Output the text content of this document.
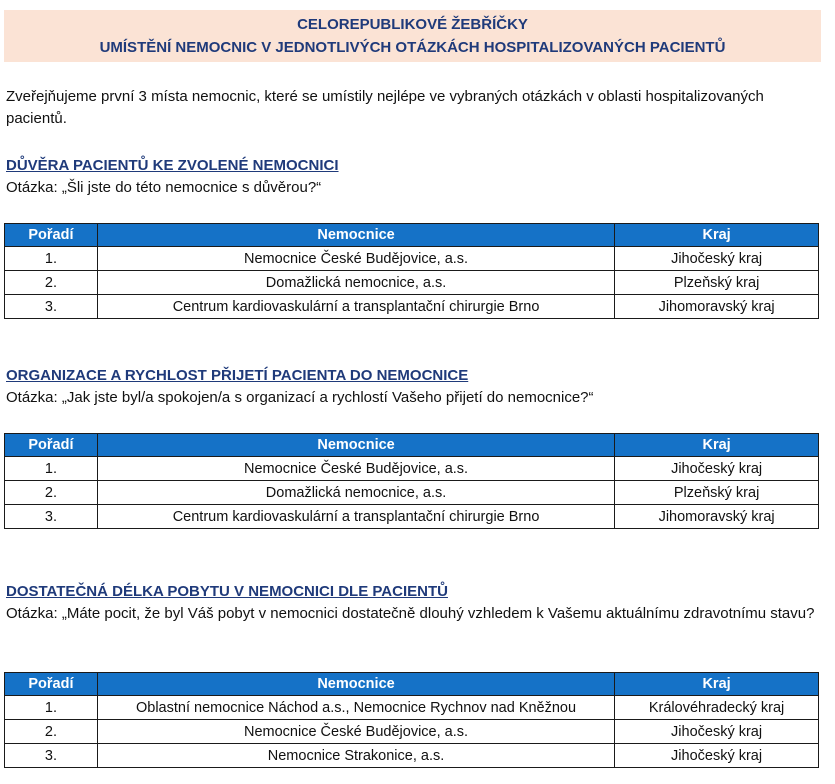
CELOREPUBLIKOVÉ ŽEBŘÍČKY
UMÍSTĚNÍ NEMOCNIC V JEDNOTLIVÝCH OTÁZKÁCH HOSPITALIZOVANÝCH PACIENTŮ
Zveřejňujeme první 3 místa nemocnic, které se umístily nejlépe ve vybraných otázkách v oblasti hospitalizovaných pacientů.
DŮVĚRA PACIENTŮ KE ZVOLENÉ NEMOCNICI
Otázka: „Šli jste do této nemocnice s důvěrou?“
Pořadí	Nemocnice	Kraj
1.	Nemocnice České Budějovice, a.s.	Jihočeský kraj
2.	Domažlická nemocnice, a.s.	Plzeňský kraj
3.	Centrum kardiovaskulární a transplantační chirurgie Brno	Jihomoravský kraj
ORGANIZACE A RYCHLOST PŘIJETÍ PACIENTA DO NEMOCNICE
Otázka: „Jak jste byl/a spokojen/a s organizací a rychlostí Vašeho přijetí do nemocnice?“
Pořadí	Nemocnice	Kraj
1.	Nemocnice České Budějovice, a.s.	Jihočeský kraj
2.	Domažlická nemocnice, a.s.	Plzeňský kraj
3.	Centrum kardiovaskulární a transplantační chirurgie Brno	Jihomoravský kraj
DOSTATEČNÁ DÉLKA POBYTU V NEMOCNICI DLE PACIENTŮ
Otázka: „Máte pocit, že byl Váš pobyt v nemocnici dostatečně dlouhý vzhledem k Vašemu aktuálnímu zdravotnímu stavu?
Pořadí	Nemocnice	Kraj
1.	Oblastní nemocnice Náchod a.s., Nemocnice Rychnov nad Kněžnou	Královéhradecký kraj
2.	Nemocnice České Budějovice, a.s.	Jihočeský kraj
3.	Nemocnice Strakonice, a.s.	Jihočeský kraj
